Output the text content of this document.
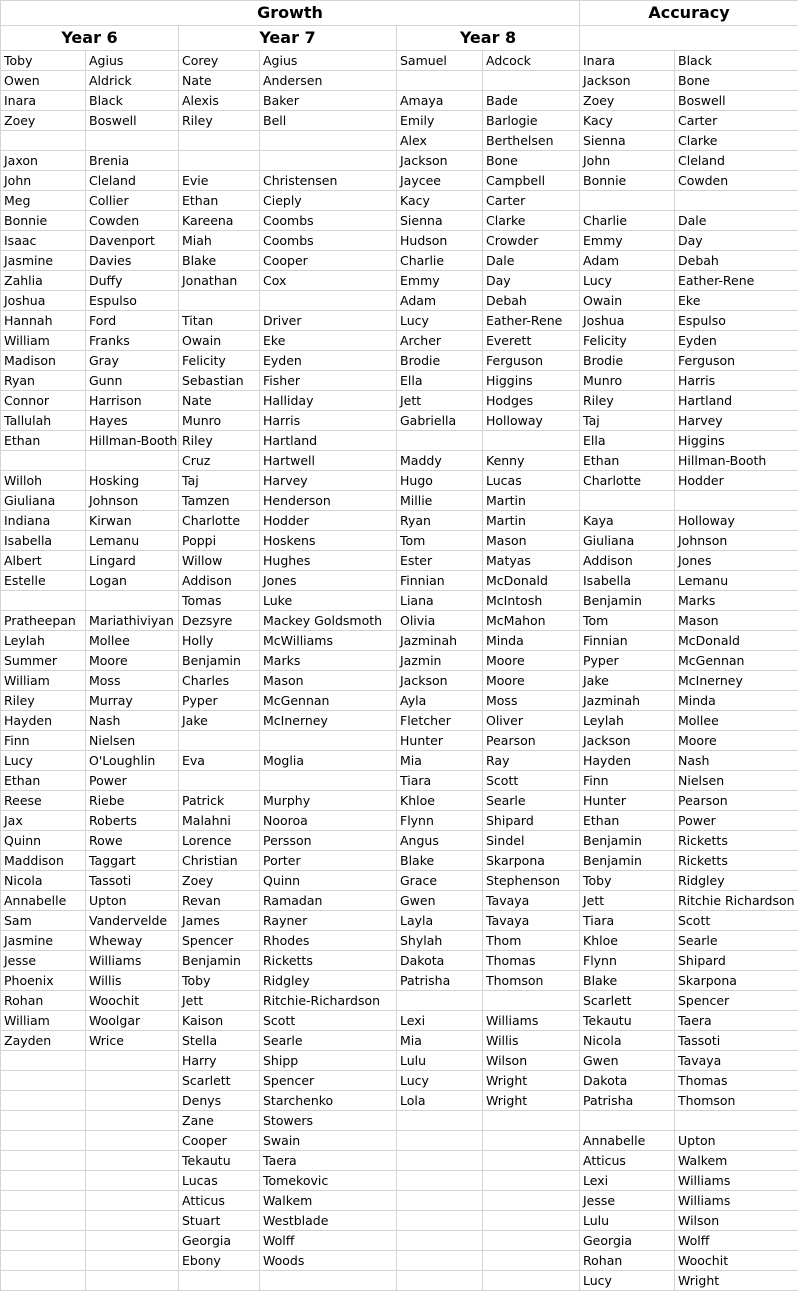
Growth						Accuracy	
Year 6		Year 7		Year 8			
Toby	Agius	Corey	Agius	Samuel	Adcock	Inara	Black
Owen	Aldrick	Nate	Andersen			Jackson	Bone
Inara	Black	Alexis	Baker	Amaya	Bade	Zoey	Boswell
Zoey	Boswell	Riley	Bell	Emily	Barlogie	Kacy	Carter
				Alex	Berthelsen	Sienna	Clarke
Jaxon	Brenia			Jackson	Bone	John	Cleland
John	Cleland	Evie	Christensen	Jaycee	Campbell	Bonnie	Cowden
Meg	Collier	Ethan	Cieply	Kacy	Carter		
Bonnie	Cowden	Kareena	Coombs	Sienna	Clarke	Charlie	Dale
Isaac	Davenport	Miah	Coombs	Hudson	Crowder	Emmy	Day
Jasmine	Davies	Blake	Cooper	Charlie	Dale	Adam	Debah
Zahlia	Duffy	Jonathan	Cox	Emmy	Day	Lucy	Eather-Rene
Joshua	Espulso			Adam	Debah	Owain	Eke
Hannah	Ford	Titan	Driver	Lucy	Eather-Rene	Joshua	Espulso
William	Franks	Owain	Eke	Archer	Everett	Felicity	Eyden
Madison	Gray	Felicity	Eyden	Brodie	Ferguson	Brodie	Ferguson
Ryan	Gunn	Sebastian	Fisher	Ella	Higgins	Munro	Harris
Connor	Harrison	Nate	Halliday	Jett	Hodges	Riley	Hartland
Tallulah	Hayes	Munro	Harris	Gabriella	Holloway	Taj	Harvey
Ethan	Hillman-Booth	Riley	Hartland			Ella	Higgins
		Cruz	Hartwell	Maddy	Kenny	Ethan	Hillman-Booth
Willoh	Hosking	Taj	Harvey	Hugo	Lucas	Charlotte	Hodder
Giuliana	Johnson	Tamzen	Henderson	Millie	Martin		
Indiana	Kirwan	Charlotte	Hodder	Ryan	Martin	Kaya	Holloway
Isabella	Lemanu	Poppi	Hoskens	Tom	Mason	Giuliana	Johnson
Albert	Lingard	Willow	Hughes	Ester	Matyas	Addison	Jones
Estelle	Logan	Addison	Jones	Finnian	McDonald	Isabella	Lemanu
		Tomas	Luke	Liana	McIntosh	Benjamin	Marks
Pratheepan	Mariathiviyan	Dezsyre	Mackey Goldsmoth	Olivia	McMahon	Tom	Mason
Leylah	Mollee	Holly	McWilliams	Jazminah	Minda	Finnian	McDonald
Summer	Moore	Benjamin	Marks	Jazmin	Moore	Pyper	McGennan
William	Moss	Charles	Mason	Jackson	Moore	Jake	McInerney
Riley	Murray	Pyper	McGennan	Ayla	Moss	Jazminah	Minda
Hayden	Nash	Jake	McInerney	Fletcher	Oliver	Leylah	Mollee
Finn	Nielsen			Hunter	Pearson	Jackson	Moore
Lucy	O'Loughlin	Eva	Moglia	Mia	Ray	Hayden	Nash
Ethan	Power			Tiara	Scott	Finn	Nielsen
Reese	Riebe	Patrick	Murphy	Khloe	Searle	Hunter	Pearson
Jax	Roberts	Malahni	Nooroa	Flynn	Shipard	Ethan	Power
Quinn	Rowe	Lorence	Persson	Angus	Sindel	Benjamin	Ricketts
Maddison	Taggart	Christian	Porter	Blake	Skarpona	Benjamin	Ricketts
Nicola	Tassoti	Zoey	Quinn	Grace	Stephenson	Toby	Ridgley
Annabelle	Upton	Revan	Ramadan	Gwen	Tavaya	Jett	Ritchie Richardson
Sam	Vandervelde	James	Rayner	Layla	Tavaya	Tiara	Scott
Jasmine	Wheway	Spencer	Rhodes	Shylah	Thom	Khloe	Searle
Jesse	Williams	Benjamin	Ricketts	Dakota	Thomas	Flynn	Shipard
Phoenix	Willis	Toby	Ridgley	Patrisha	Thomson	Blake	Skarpona
Rohan	Woochit	Jett	Ritchie-Richardson			Scarlett	Spencer
William	Woolgar	Kaison	Scott	Lexi	Williams	Tekautu	Taera
Zayden	Wrice	Stella	Searle	Mia	Willis	Nicola	Tassoti
		Harry	Shipp	Lulu	Wilson	Gwen	Tavaya
		Scarlett	Spencer	Lucy	Wright	Dakota	Thomas
		Denys	Starchenko	Lola	Wright	Patrisha	Thomson
		Zane	Stowers				
		Cooper	Swain			Annabelle	Upton
		Tekautu	Taera			Atticus	Walkem
		Lucas	Tomekovic			Lexi	Williams
		Atticus	Walkem			Jesse	Williams
		Stuart	Westblade			Lulu	Wilson
		Georgia	Wolff			Georgia	Wolff
		Ebony	Woods			Rohan	Woochit
						Lucy	Wright
